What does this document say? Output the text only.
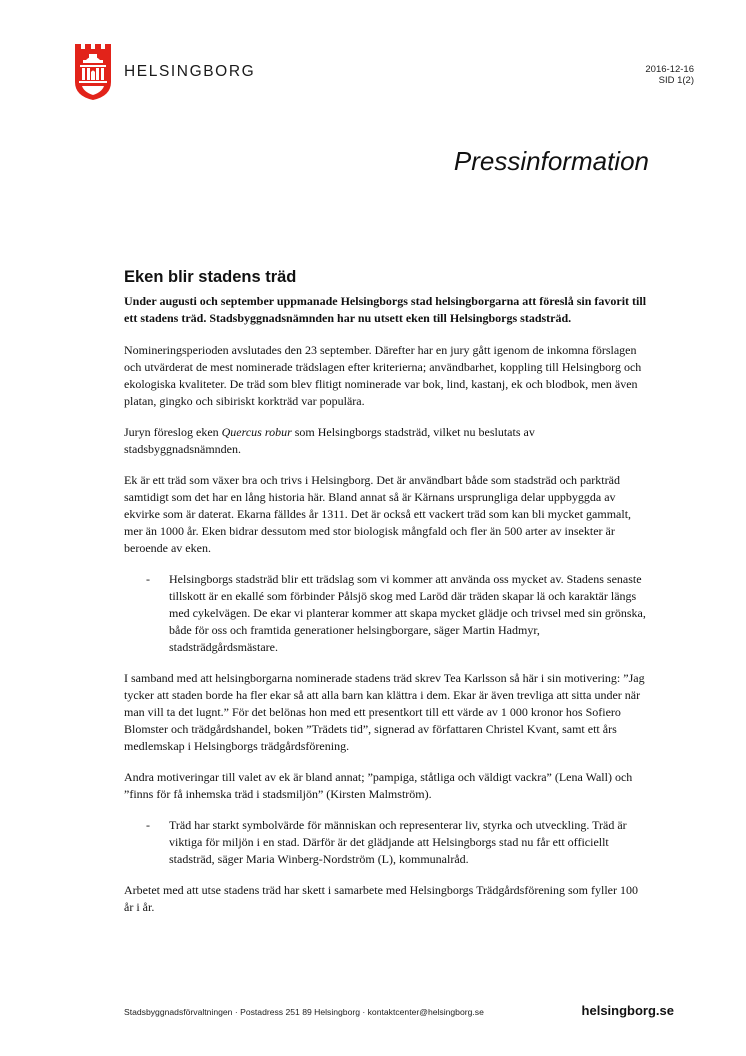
HELSINGBORG	2016-12-16
SID 1(2)
Pressinformation
Eken blir stadens träd

Under augusti och september uppmanade Helsingborgs stad helsingborgarna att föreslå sin favorit till ett stadens träd. Stadsbyggnadsnämnden har nu utsett eken till Helsingborgs stadsträd.

Nomineringsperioden avslutades den 23 september. Därefter har en jury gått igenom de inkomna förslagen och utvärderat de mest nominerade trädslagen efter kriterierna; användbarhet, koppling till Helsingborg och ekologiska kvaliteter. De träd som blev flitigt nominerade var bok, lind, kastanj, ek och blodbok, men även platan, gingko och sibiriskt korkträd var populära.

Juryn föreslog eken Quercus robur som Helsingborgs stadsträd, vilket nu beslutats av stadsbyggnadsnämnden.

Ek är ett träd som växer bra och trivs i Helsingborg. Det är användbart både som stadsträd och parkträd samtidigt som det har en lång historia här. Bland annat så är Kärnans ursprungliga delar uppbyggda av ekvirke som är daterat. Ekarna fälldes år 1311. Det är också ett vackert träd som kan bli mycket gammalt, mer än 1000 år. Eken bidrar dessutom med stor biologisk mångfald och fler än 500 arter av insekter är beroende av eken.

- Helsingborgs stadsträd blir ett trädslag som vi kommer att använda oss mycket av. Stadens senaste tillskott är en ekallé som förbinder Pålsjö skog med Laröd där träden skapar lä och karaktär längs med cykelvägen. De ekar vi planterar kommer att skapa mycket glädje och trivsel med sin grönska, både för oss och framtida generationer helsingborgare, säger Martin Hadmyr, stadsträdgårdsmästare.

I samband med att helsingborgarna nominerade stadens träd skrev Tea Karlsson så här i sin motivering: ”Jag tycker att staden borde ha fler ekar så att alla barn kan klättra i dem. Ekar är även trevliga att sitta under när man vill ta det lugnt.” För det belönas hon med ett presentkort till ett värde av 1 000 kronor hos Sofiero Blomster och trädgårdshandel, boken ”Trädets tid”, signerad av författaren Christel Kvant, samt ett års medlemskap i Helsingborgs trädgårdsförening.

Andra motiveringar till valet av ek är bland annat; ”pampiga, ståtliga och väldigt vackra” (Lena Wall) och ”finns för få inhemska träd i stadsmiljön” (Kirsten Malmström).

- Träd har starkt symbolvärde för människan och representerar liv, styrka och utveckling. Träd är viktiga för miljön i en stad. Därför är det glädjande att Helsingborgs stad nu får ett officiellt stadsträd, säger Maria Winberg-Nordström (L), kommunalråd.

Arbetet med att utse stadens träd har skett i samarbete med Helsingborgs Trädgårdsförening som fyller 100 år i år.

Stadsbyggnadsförvaltningen · Postadress 251 89 Helsingborg · kontaktcenter@helsingborg.se	helsingborg.se
